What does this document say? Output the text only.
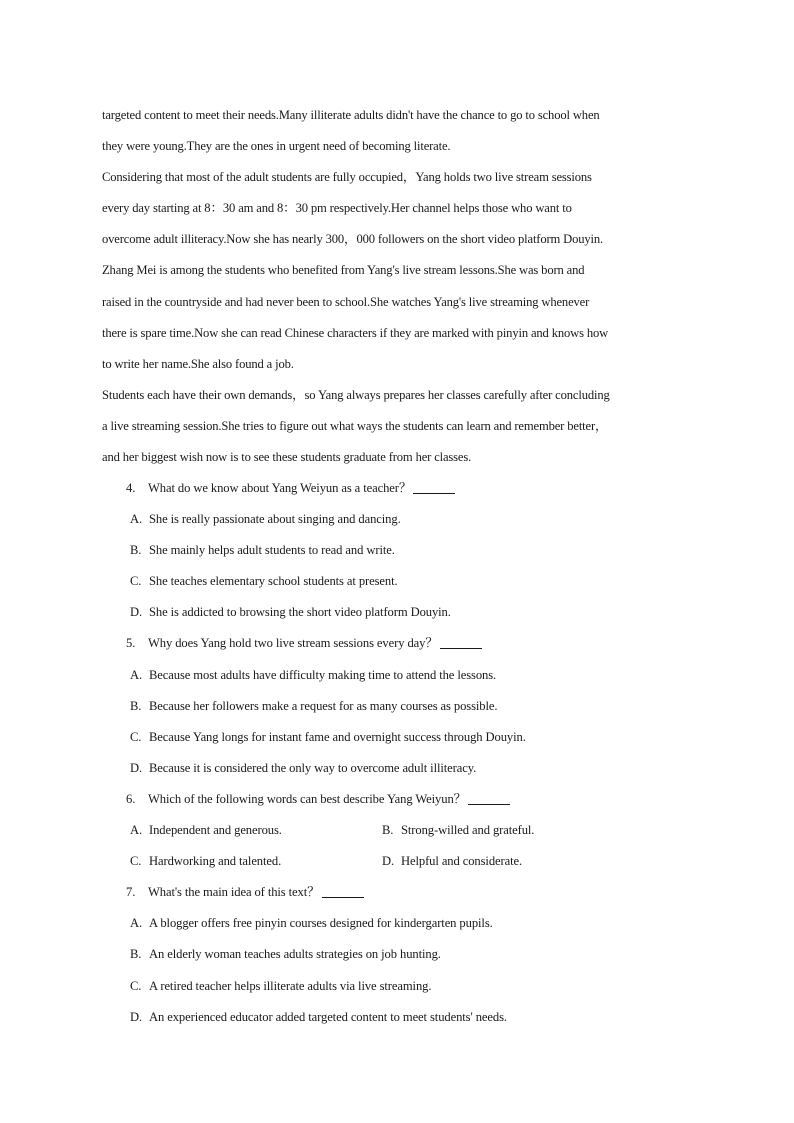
targeted content to meet their needs.Many illiterate adults didn't have the chance to go to school when
they were young.They are the ones in urgent need of becoming literate.
Considering that most of the adult students are fully occupied，Yang holds two live stream sessions
every day starting at 8：30 am and 8：30 pm respectively.Her channel helps those who want to
overcome adult illiteracy.Now she has nearly 300，000 followers on the short video platform Douyin.
Zhang Mei is among the students who benefited from Yang's live stream lessons.She was born and
raised in the countryside and had never been to school.She watches Yang's live streaming whenever
there is spare time.Now she can read Chinese characters if they are marked with pinyin and knows how
to write her name.She also found a job.
Students each have their own demands，so Yang always prepares her classes carefully after concluding
a live streaming session.She tries to figure out what ways the students can learn and remember better，
and her biggest wish now is to see these students graduate from her classes.
4. What do we know about Yang Weiyun as a teacher？
A. She is really passionate about singing and dancing.
B. She mainly helps adult students to read and write.
C. She teaches elementary school students at present.
D. She is addicted to browsing the short video platform Douyin.
5. Why does Yang hold two live stream sessions every day？
A. Because most adults have difficulty making time to attend the lessons.
B. Because her followers make a request for as many courses as possible.
C. Because Yang longs for instant fame and overnight success through Douyin.
D. Because it is considered the only way to overcome adult illiteracy.
6. Which of the following words can best describe Yang Weiyun？
A. Independent and generous.	B. Strong-willed and grateful.
C. Hardworking and talented.	D. Helpful and considerate.
7. What's the main idea of this text？
A. A blogger offers free pinyin courses designed for kindergarten pupils.
B. An elderly woman teaches adults strategies on job hunting.
C. A retired teacher helps illiterate adults via live streaming.
D. An experienced educator added targeted content to meet students' needs.
